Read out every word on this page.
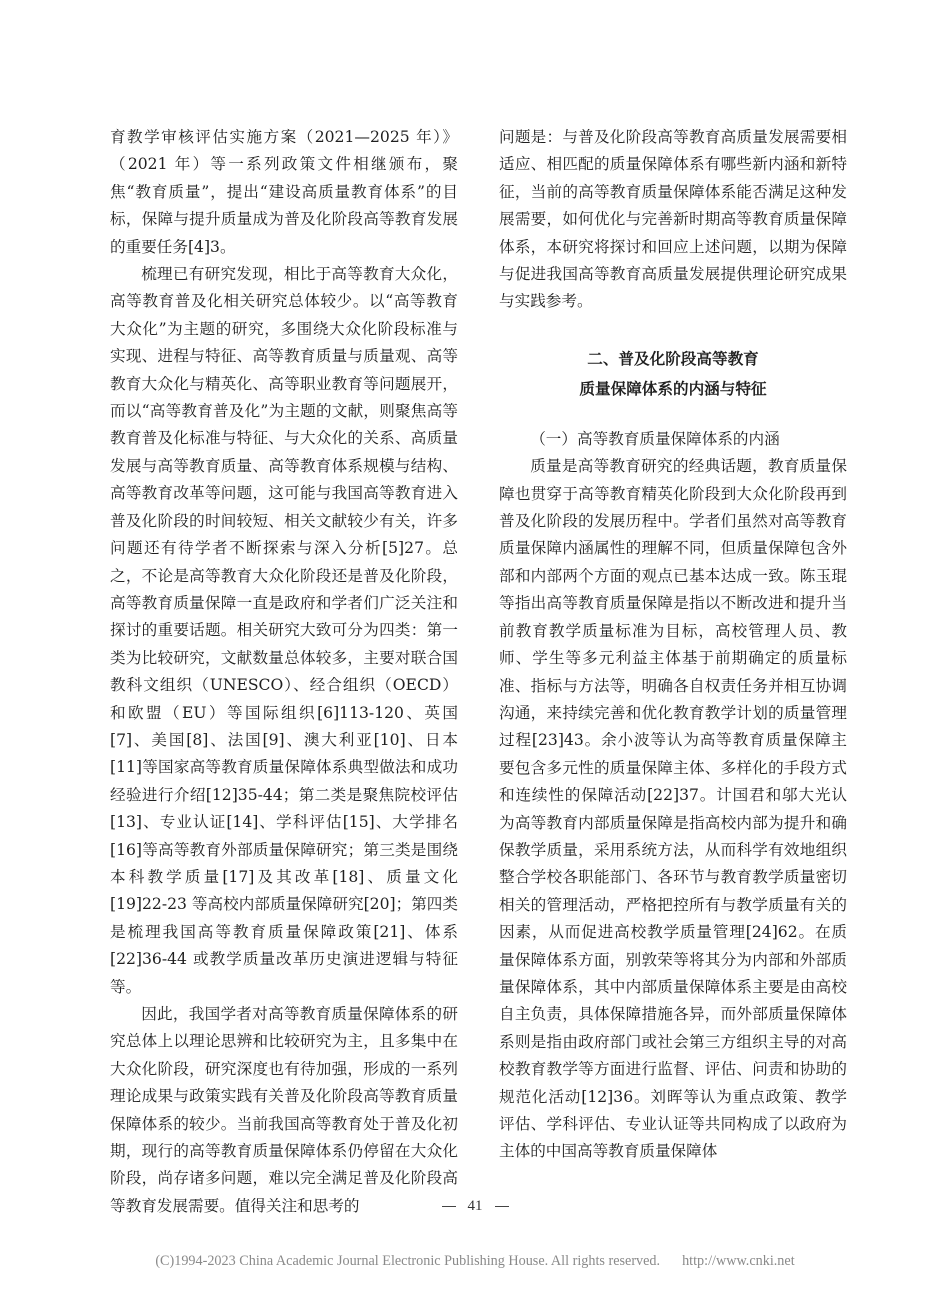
育教学审核评估实施方案（2021—2025 年）》（2021 年）等一系列政策文件相继颁布，聚焦“教育质量”，提出“建设高质量教育体系”的目标，保障与提升质量成为普及化阶段高等教育发展的重要任务[4]3。

梳理已有研究发现，相比于高等教育大众化，高等教育普及化相关研究总体较少。以“高等教育大众化”为主题的研究，多围绕大众化阶段标准与实现、进程与特征、高等教育质量与质量观、高等教育大众化与精英化、高等职业教育等问题展开，而以“高等教育普及化”为主题的文献，则聚焦高等教育普及化标准与特征、与大众化的关系、高质量发展与高等教育质量、高等教育体系规模与结构、高等教育改革等问题，这可能与我国高等教育进入普及化阶段的时间较短、相关文献较少有关，许多问题还有待学者不断探索与深入分析[5]27。总之，不论是高等教育大众化阶段还是普及化阶段，高等教育质量保障一直是政府和学者们广泛关注和探讨的重要话题。相关研究大致可分为四类：第一类为比较研究，文献数量总体较多，主要对联合国教科文组织（UNESCO）、经合组织（OECD）和欧盟（EU）等国际组织[6]113-120、英国[7]、美国[8]、法国[9]、澳大利亚[10]、日本[11]等国家高等教育质量保障体系典型做法和成功经验进行介绍[12]35-44；第二类是聚焦院校评估[13]、专业认证[14]、学科评估[15]、大学排名[16]等高等教育外部质量保障研究；第三类是围绕本科教学质量[17]及其改革[18]、质量文化[19]22-23 等高校内部质量保障研究[20]；第四类是梳理我国高等教育质量保障政策[21]、体系[22]36-44 或教学质量改革历史演进逻辑与特征等。

因此，我国学者对高等教育质量保障体系的研究总体上以理论思辨和比较研究为主，且多集中在大众化阶段，研究深度也有待加强，形成的一系列理论成果与政策实践有关普及化阶段高等教育质量保障体系的较少。当前我国高等教育处于普及化初期，现行的高等教育质量保障体系仍停留在大众化阶段，尚存诸多问题，难以完全满足普及化阶段高等教育发展需要。值得关注和思考的

问题是：与普及化阶段高等教育高质量发展需要相适应、相匹配的质量保障体系有哪些新内涵和新特征，当前的高等教育质量保障体系能否满足这种发展需要，如何优化与完善新时期高等教育质量保障体系，本研究将探讨和回应上述问题，以期为保障与促进我国高等教育高质量发展提供理论研究成果与实践参考。

二、普及化阶段高等教育
质量保障体系的内涵与特征

（一）高等教育质量保障体系的内涵

质量是高等教育研究的经典话题，教育质量保障也贯穿于高等教育精英化阶段到大众化阶段再到普及化阶段的发展历程中。学者们虽然对高等教育质量保障内涵属性的理解不同，但质量保障包含外部和内部两个方面的观点已基本达成一致。陈玉琨等指出高等教育质量保障是指以不断改进和提升当前教育教学质量标准为目标，高校管理人员、教师、学生等多元利益主体基于前期确定的质量标准、指标与方法等，明确各自权责任务并相互协调沟通，来持续完善和优化教育教学计划的质量管理过程[23]43。余小波等认为高等教育质量保障主要包含多元性的质量保障主体、多样化的手段方式和连续性的保障活动[22]37。计国君和邬大光认为高等教育内部质量保障是指高校内部为提升和确保教学质量，采用系统方法，从而科学有效地组织整合学校各职能部门、各环节与教育教学质量密切相关的管理活动，严格把控所有与教学质量有关的因素，从而促进高校教学质量管理[24]62。在质量保障体系方面，别敦荣等将其分为内部和外部质量保障体系，其中内部质量保障体系主要是由高校自主负责，具体保障措施各异，而外部质量保障体系则是指由政府部门或社会第三方组织主导的对高校教育教学等方面进行监督、评估、问责和协助的规范化活动[12]36。刘晖等认为重点政策、教学评估、学科评估、专业认证等共同构成了以政府为主体的中国高等教育质量保障体

41
(C)1994-2023 China Academic Journal Electronic Publishing House. All rights reserved. http://www.cnki.net
